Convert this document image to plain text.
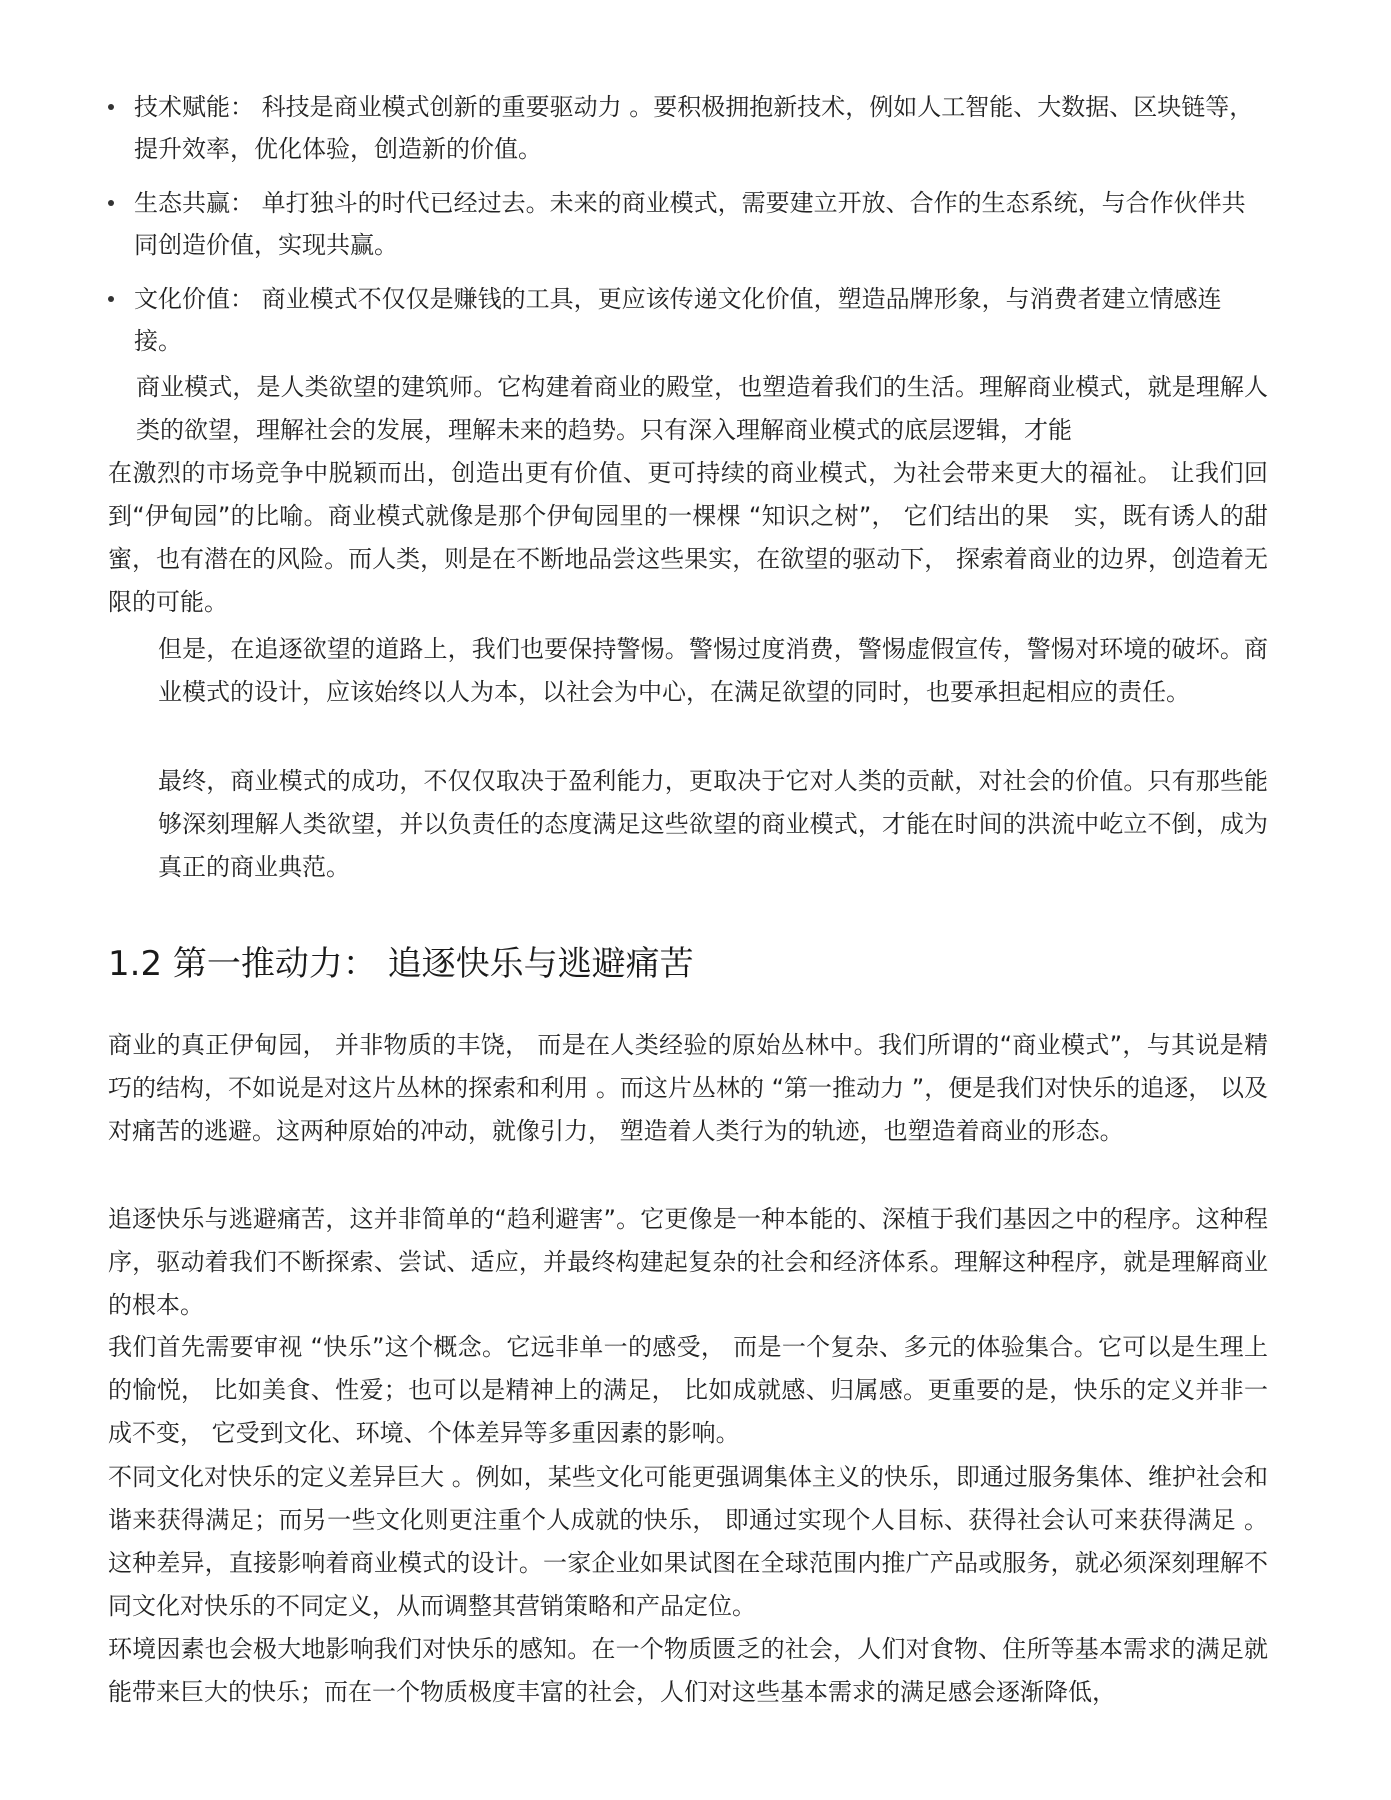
技术赋能： 科技是商业模式创新的重要驱动力 。要积极拥抱新技术，例如人工智能、大数据、区块链等，提升效率，优化体验，创造新的价值。
生态共赢： 单打独斗的时代已经过去。未来的商业模式，需要建立开放、合作的生态系统，与合作伙伴共同创造价值，实现共赢。
文化价值： 商业模式不仅仅是赚钱的工具，更应该传递文化价值，塑造品牌形象，与消费者建立情感连接。

商业模式，是人类欲望的建筑师。它构建着商业的殿堂，也塑造着我们的生活。理解商业模式，就是理解人类的欲望，理解社会的发展，理解未来的趋势。只有深入理解商业模式的底层逻辑，才能

在激烈的市场竞争中脱颖而出，创造出更有价值、更可持续的商业模式，为社会带来更大的福祉。 让我们回到“伊甸园”的比喻。商业模式就像是那个伊甸园里的一棵棵 “知识之树”， 它们结出的果　实，既有诱人的甜蜜，也有潜在的风险。而人类，则是在不断地品尝这些果实，在欲望的驱动下， 探索着商业的边界，创造着无限的可能。

但是，在追逐欲望的道路上，我们也要保持警惕。警惕过度消费，警惕虚假宣传，警惕对环境的破坏。商业模式的设计，应该始终以人为本，以社会为中心，在满足欲望的同时，也要承担起相应的责任。

最终，商业模式的成功，不仅仅取决于盈利能力，更取决于它对人类的贡献，对社会的价值。只有那些能够深刻理解人类欲望，并以负责任的态度满足这些欲望的商业模式，才能在时间的洪流中屹立不倒，成为真正的商业典范。

1.2 第一推动力： 追逐快乐与逃避痛苦

商业的真正伊甸园， 并非物质的丰饶， 而是在人类经验的原始丛林中。我们所谓的“商业模式”，与其说是精巧的结构，不如说是对这片丛林的探索和利用 。而这片丛林的 “第一推动力 ”，便是我们对快乐的追逐， 以及对痛苦的逃避。这两种原始的冲动，就像引力， 塑造着人类行为的轨迹，也塑造着商业的形态。

追逐快乐与逃避痛苦，这并非简单的“趋利避害”。它更像是一种本能的、深植于我们基因之中的程序。这种程序，驱动着我们不断探索、尝试、适应，并最终构建起复杂的社会和经济体系。理解这种程序，就是理解商业的根本。

我们首先需要审视 “快乐”这个概念。它远非单一的感受， 而是一个复杂、多元的体验集合。它可以是生理上的愉悦， 比如美食、性爱；也可以是精神上的满足， 比如成就感、归属感。更重要的是，快乐的定义并非一成不变， 它受到文化、环境、个体差异等多重因素的影响。

不同文化对快乐的定义差异巨大 。例如，某些文化可能更强调集体主义的快乐，即通过服务集体、维护社会和谐来获得满足；而另一些文化则更注重个人成就的快乐， 即通过实现个人目标、获得社会认可来获得满足 。这种差异，直接影响着商业模式的设计。一家企业如果试图在全球范围内推广产品或服务，就必须深刻理解不同文化对快乐的不同定义，从而调整其营销策略和产品定位。

环境因素也会极大地影响我们对快乐的感知。在一个物质匮乏的社会，人们对食物、住所等基本需求的满足就能带来巨大的快乐；而在一个物质极度丰富的社会，人们对这些基本需求的满足感会逐渐降低，
